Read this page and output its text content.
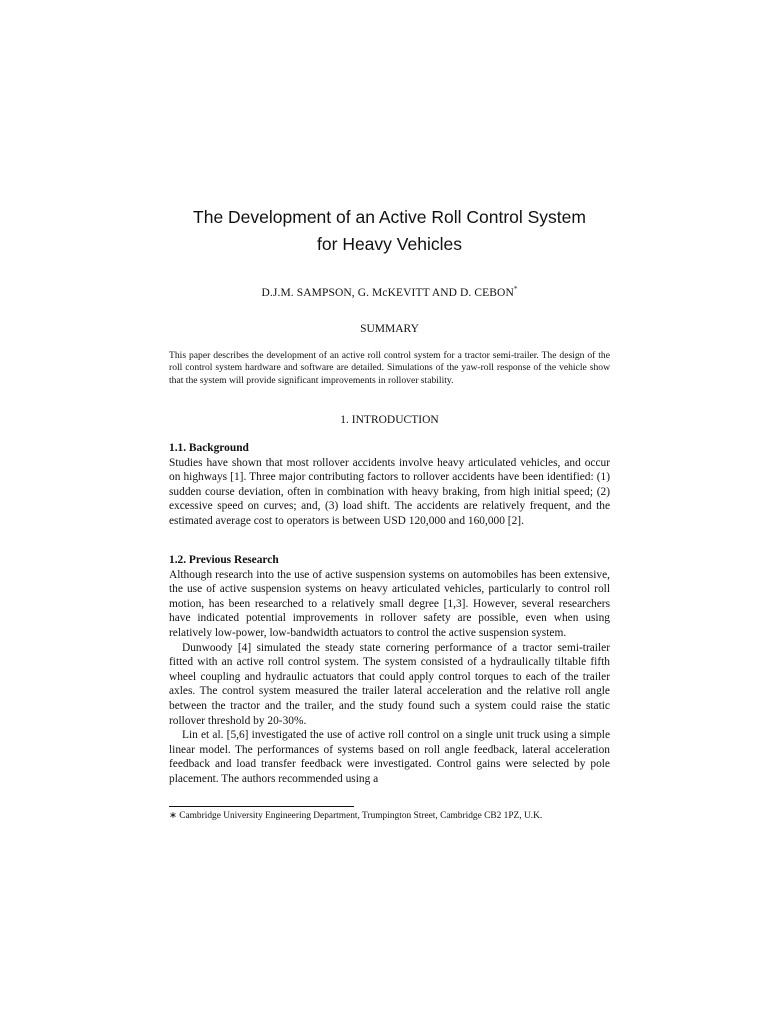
The Development of an Active Roll Control System
for Heavy Vehicles
D.J.M. SAMPSON, G. McKEVITT AND D. CEBON*
SUMMARY

This paper describes the development of an active roll control system for a tractor semi-trailer. The design of the roll control system hardware and software are detailed. Simulations of the yaw-roll response of the vehicle show that the system will provide significant improvements in rollover stability.

1. INTRODUCTION
1.1. Background

Studies have shown that most rollover accidents involve heavy articulated vehicles, and occur on highways [1]. Three major contributing factors to rollover accidents have been identified: (1) sudden course deviation, often in combination with heavy braking, from high initial speed; (2) excessive speed on curves; and, (3) load shift. The accidents are relatively frequent, and the estimated average cost to operators is between USD 120,000 and 160,000 [2].

1.2. Previous Research

Although research into the use of active suspension systems on automobiles has been extensive, the use of active suspension systems on heavy articulated vehicles, particularly to control roll motion, has been researched to a relatively small degree [1,3]. However, several researchers have indicated potential improvements in rollover safety are possible, even when using relatively low-power, low-bandwidth actuators to control the active suspension system.

Dunwoody [4] simulated the steady state cornering performance of a tractor semi-trailer fitted with an active roll control system. The system consisted of a hydraulically tiltable fifth wheel coupling and hydraulic actuators that could apply control torques to each of the trailer axles. The control system measured the trailer lateral acceleration and the relative roll angle between the tractor and the trailer, and the study found such a system could raise the static rollover threshold by 20-30%.

Lin et al. [5,6] investigated the use of active roll control on a single unit truck using a simple linear model. The performances of systems based on roll angle feedback, lateral acceleration feedback and load transfer feedback were investigated. Control gains were selected by pole placement. The authors recommended using a

∗ Cambridge University Engineering Department, Trumpington Street, Cambridge CB2 1PZ, U.K.
